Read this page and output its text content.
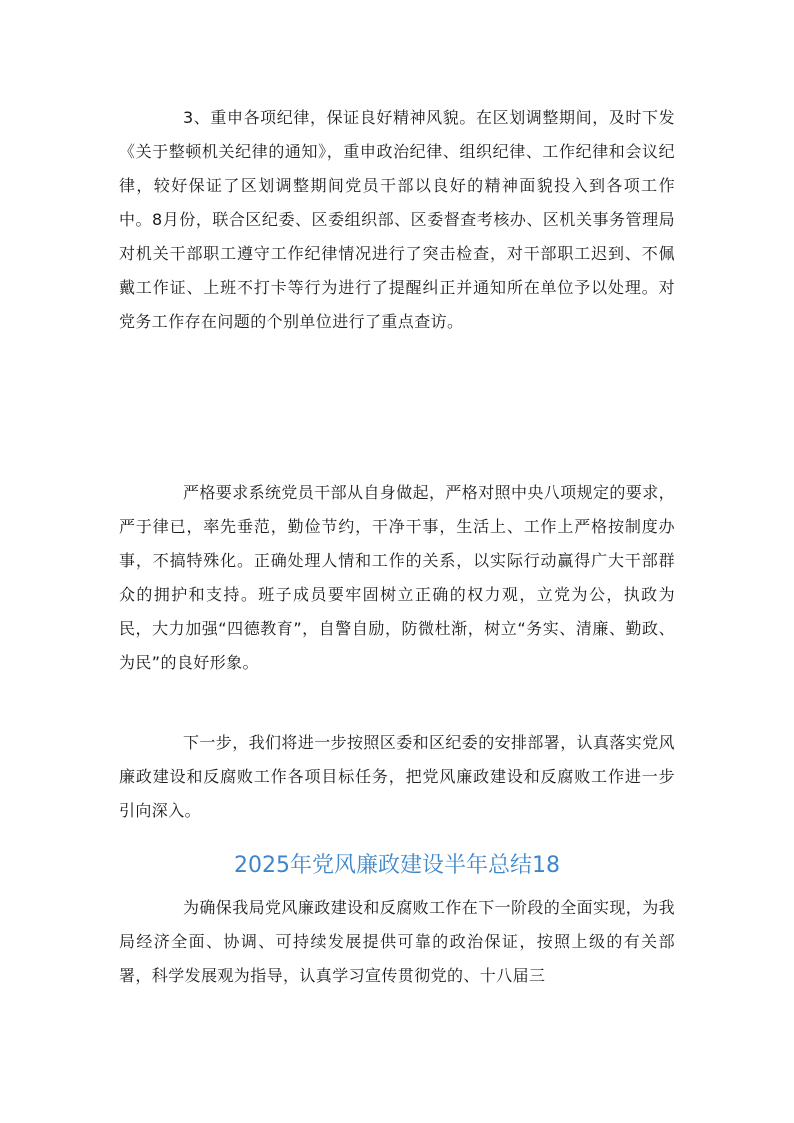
3、重申各项纪律，保证良好精神风貌。在区划调整期间，及时下发《关于整顿机关纪律的通知》，重申政治纪律、组织纪律、工作纪律和会议纪律，较好保证了区划调整期间党员干部以良好的精神面貌投入到各项工作中。8月份，联合区纪委、区委组织部、区委督查考核办、区机关事务管理局对机关干部职工遵守工作纪律情况进行了突击检查，对干部职工迟到、不佩戴工作证、上班不打卡等行为进行了提醒纠正并通知所在单位予以处理。对党务工作存在问题的个别单位进行了重点查访。

严格要求系统党员干部从自身做起，严格对照中央八项规定的要求，严于律已，率先垂范，勤俭节约，干净干事，生活上、工作上严格按制度办事，不搞特殊化。正确处理人情和工作的关系，以实际行动赢得广大干部群众的拥护和支持。班子成员要牢固树立正确的权力观，立党为公，执政为民，大力加强“四德教育”，自警自励，防微杜渐，树立“务实、清廉、勤政、为民”的良好形象。

下一步，我们将进一步按照区委和区纪委的安排部署，认真落实党风廉政建设和反腐败工作各项目标任务，把党风廉政建设和反腐败工作进一步引向深入。

2025年党风廉政建设半年总结18

为确保我局党风廉政建设和反腐败工作在下一阶段的全面实现，为我局经济全面、协调、可持续发展提供可靠的政治保证，按照上级的有关部署，科学发展观为指导，认真学习宣传贯彻党的、十八届三
